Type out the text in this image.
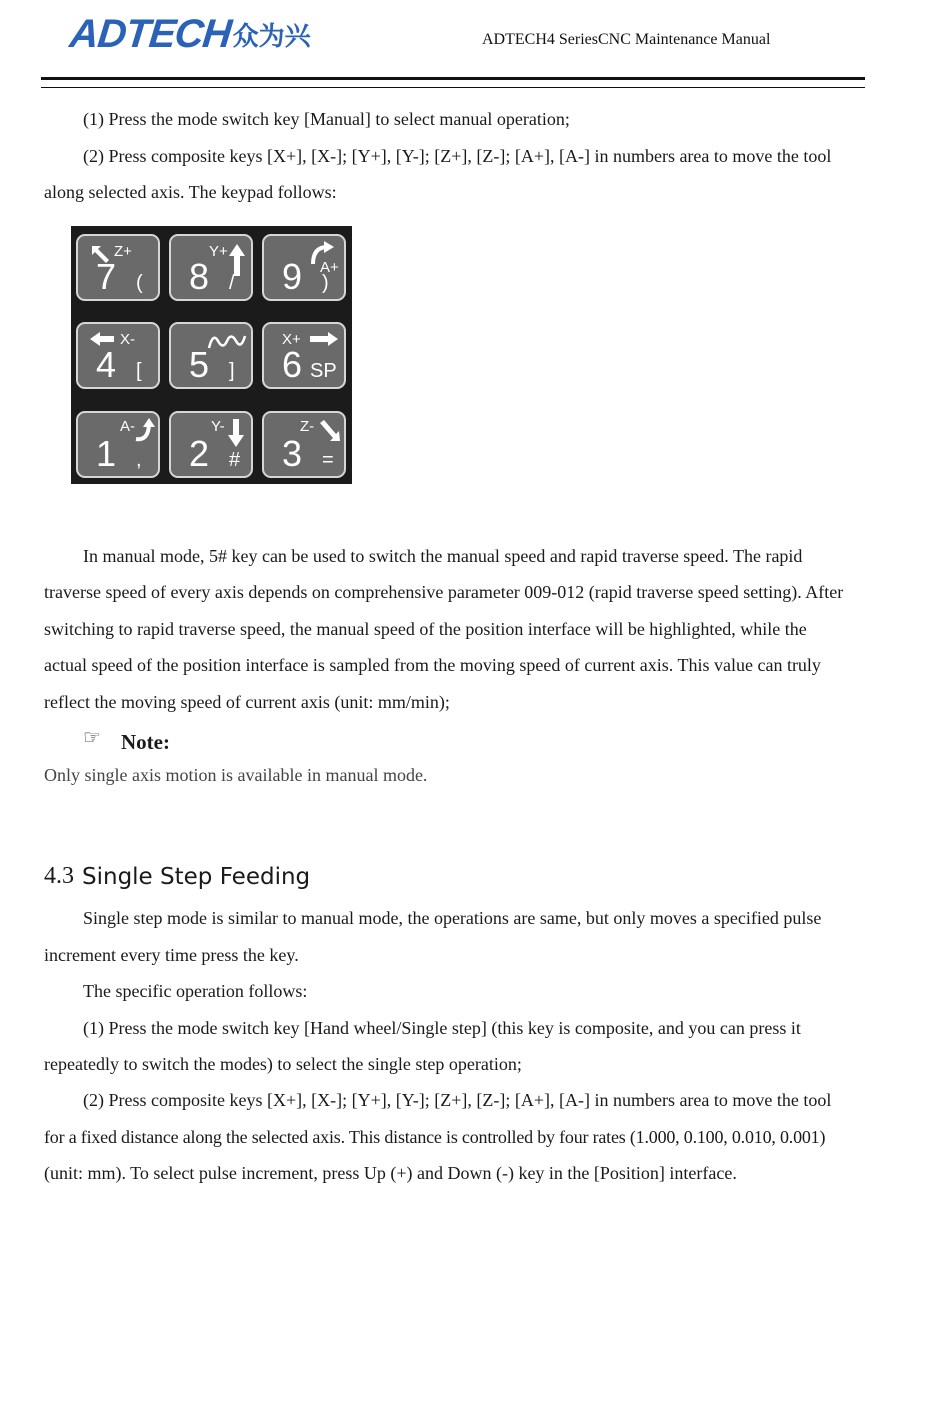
ADTECH 众为兴	ADTECH4 SeriesCNC Maintenance Manual
(1) Press the mode switch key [Manual] to select manual operation;
(2) Press composite keys [X+], [X-]; [Y+], [Y-]; [Z+], [Z-]; [A+], [A-] in numbers area to move the tool
along selected axis. The keypad follows:
Z+
7 (
Y+
8 /
A+
9 )
X-
4 [ 5 ]
X+
6 SP
A-
1 ,
Y-
2 #
Z-
3 =
In manual mode, 5# key can be used to switch the manual speed and rapid traverse speed. The rapid
traverse speed of every axis depends on comprehensive parameter 009-012 (rapid traverse speed setting). After
switching to rapid traverse speed, the manual speed of the position interface will be highlighted, while the
actual speed of the position interface is sampled from the moving speed of current axis. This value can truly
reflect the moving speed of current axis (unit: mm/min);
☞ Note:
Only single axis motion is available in manual mode.
4.3 Single Step Feeding
Single step mode is similar to manual mode, the operations are same, but only moves a specified pulse
increment every time press the key.
The specific operation follows:
(1) Press the mode switch key [Hand wheel/Single step] (this key is composite, and you can press it
repeatedly to switch the modes) to select the single step operation;
(2) Press composite keys [X+], [X-]; [Y+], [Y-]; [Z+], [Z-]; [A+], [A-] in numbers area to move the tool
for a fixed distance along the selected axis. This distance is controlled by four rates (1.000, 0.100, 0.010, 0.001)
(unit: mm). To select pulse increment, press Up (+) and Down (-) key in the [Position] interface.
